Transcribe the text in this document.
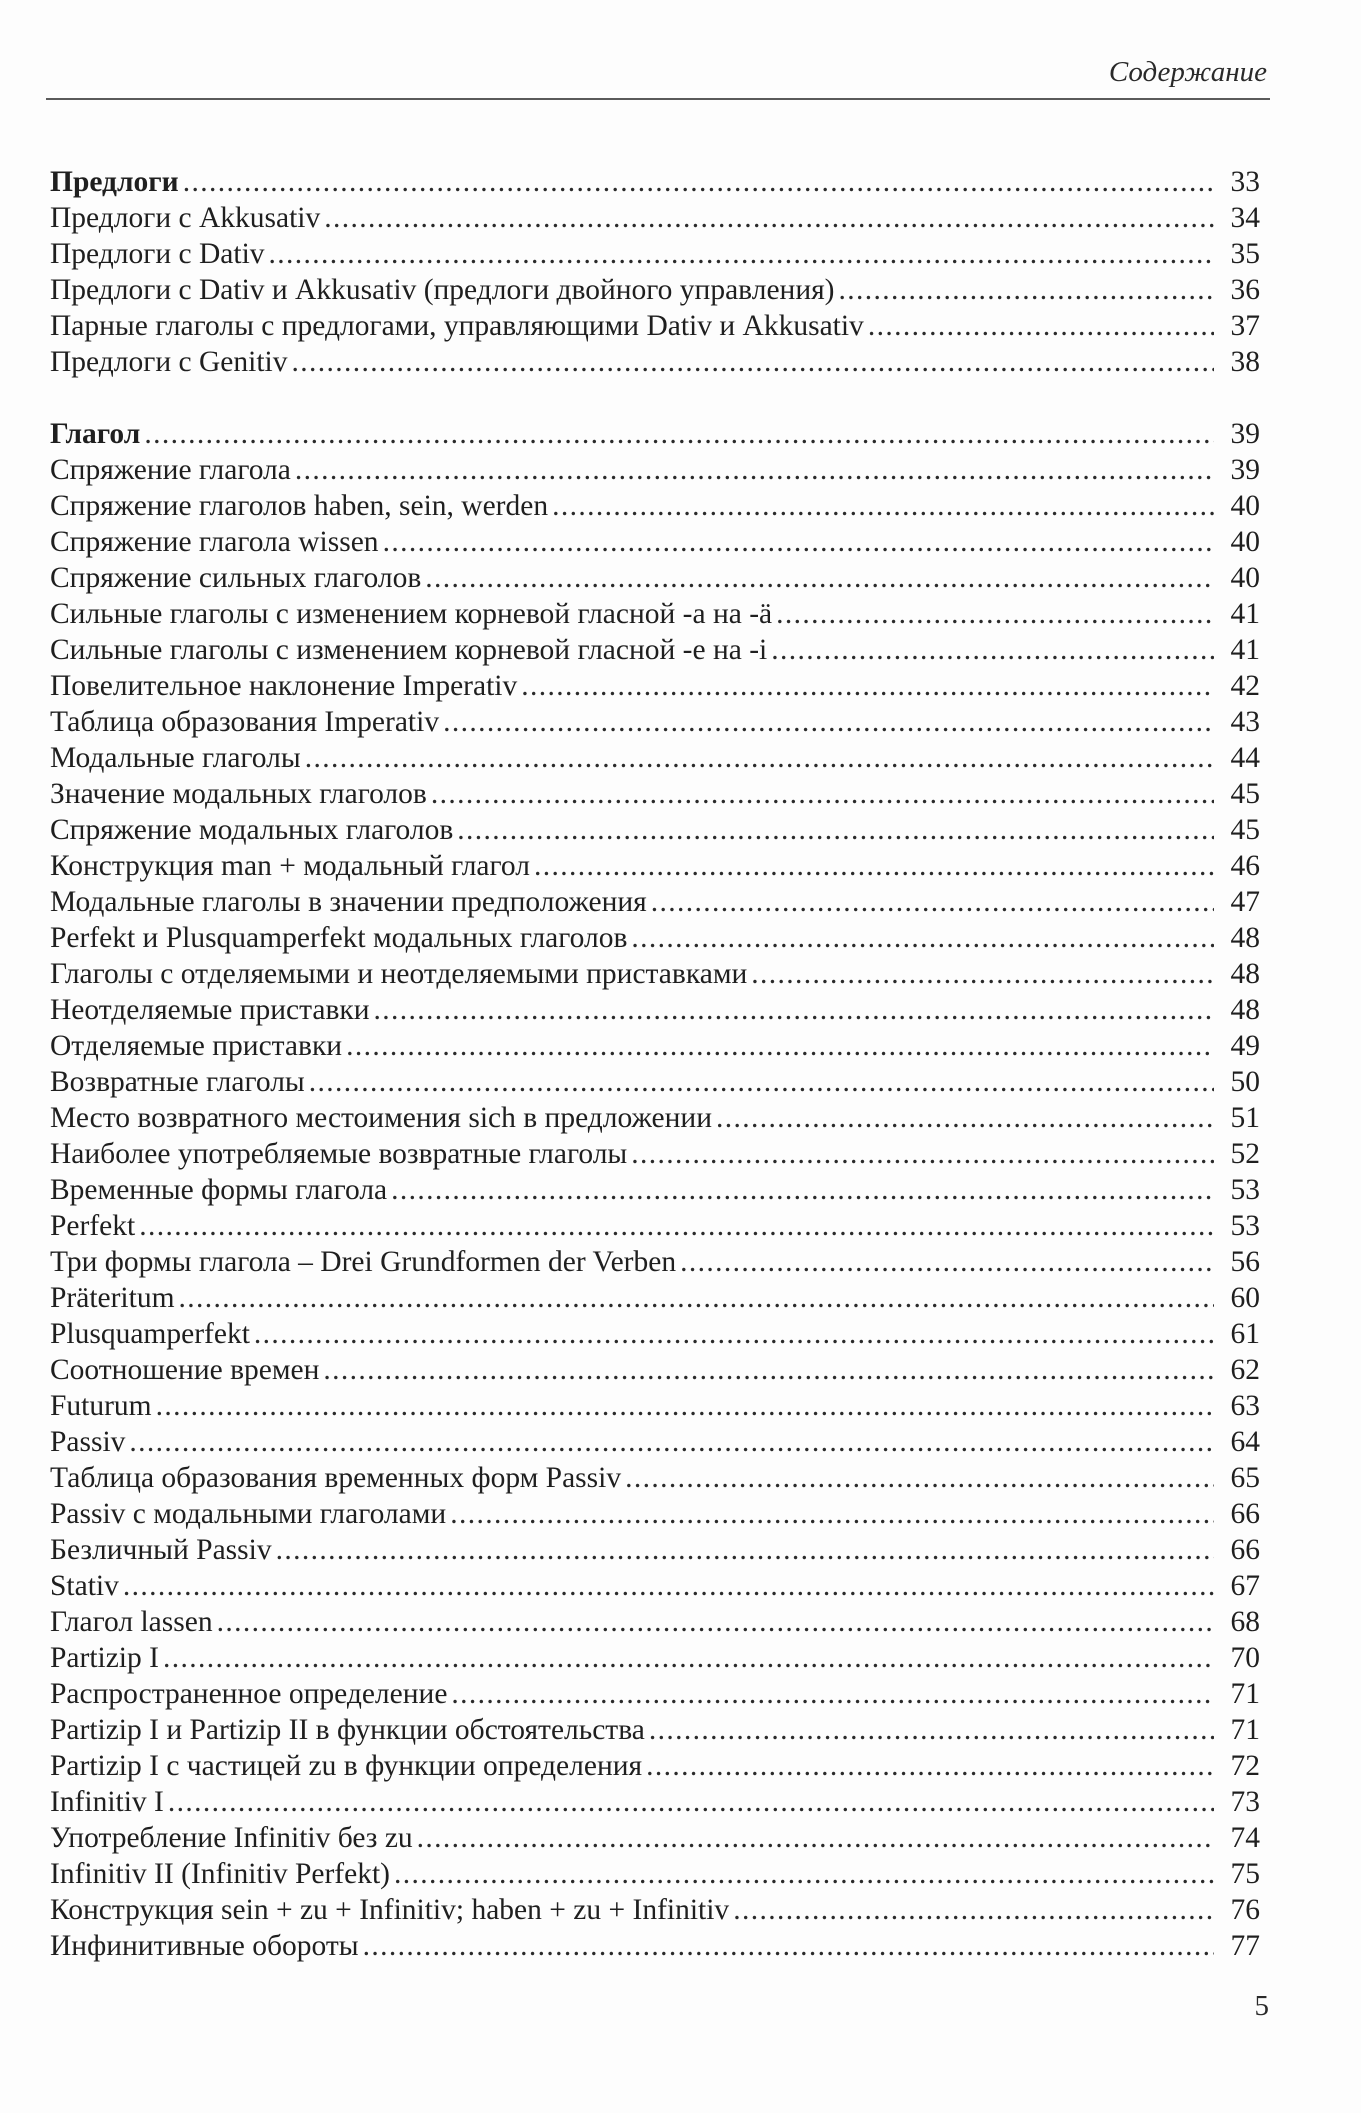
Содержание
Предлоги . . .	33
Предлоги с Akkusativ . . .	34
Предлоги с Dativ . . .	35
Предлоги с Dativ и Akkusativ (предлоги двойного управления) . . .	36
Парные глаголы с предлогами, управляющими Dativ и Akkusativ . . .	37
Предлоги с Genitiv . . .	38
Глагол . . .	39
Спряжение глагола . . .	39
Спряжение глаголов haben, sein, werden . . .	40
Спряжение глагола wissen . . .	40
Спряжение сильных глаголов . . .	40
Сильные глаголы с изменением корневой гласной -a на -ä . . .	41
Сильные глаголы с изменением корневой гласной -e на -i . . .	41
Повелительное наклонение Imperativ . . .	42
Таблица образования Imperativ . . .	43
Модальные глаголы . . .	44
Значение модальных глаголов . . .	45
Спряжение модальных глаголов . . .	45
Конструкция man + модальный глагол . . .	46
Модальные глаголы в значении предположения . . .	47
Perfekt и Plusquamperfekt модальных глаголов . . .	48
Глаголы с отделяемыми и неотделяемыми приставками . . .	48
Неотделяемые приставки . . .	48
Отделяемые приставки . . .	49
Возвратные глаголы . . .	50
Место возвратного местоимения sich в предложении . . .	51
Наиболее употребляемые возвратные глаголы . . .	52
Временные формы глагола . . .	53
Perfekt . . .	53
Три формы глагола – Drei Grundformen der Verben . . .	56
Präteritum . . .	60
Plusquamperfekt . . .	61
Соотношение времен . . .	62
Futurum . . .	63
Passiv . . .	64
Таблица образования временных форм Passiv . . .	65
Passiv с модальными глаголами . . .	66
Безличный Passiv . . .	66
Stativ . . .	67
Глагол lassen . . .	68
Partizip I . . .	70
Распространенное определение . . .	71
Partizip I и Partizip II в функции обстоятельства . . .	71
Partizip I с частицей zu в функции определения . . .	72
Infinitiv I . . .	73
Употребление Infinitiv без zu . . .	74
Infinitiv II (Infinitiv Perfekt) . . .	75
Конструкция sein + zu + Infinitiv; haben + zu + Infinitiv . . .	76
Инфинитивные обороты . . .	77
5
